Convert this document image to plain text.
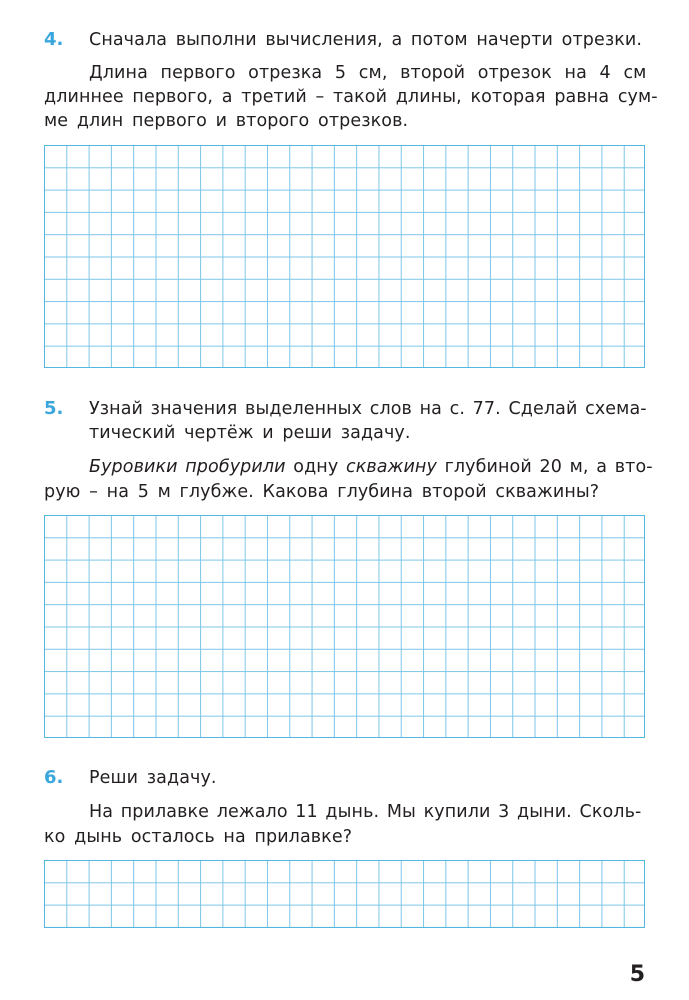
4. Сначала выполни вычисления, а потом начерти отрезки.
Длина первого отрезка 5 см, второй отрезок на 4 см
длиннее первого, а третий – такой длины, которая равна сум-
ме длин первого и второго отрезков.
5. Узнай значения выделенных слов на с. 77. Сделай схема-
тический чертёж и реши задачу.
Буровики пробурили одну скважину глубиной 20 м, а вто-
рую – на 5 м глубже. Какова глубина второй скважины?
6. Реши задачу.
На прилавке лежало 11 дынь. Мы купили 3 дыни. Сколь-
ко дынь осталось на прилавке?
5
